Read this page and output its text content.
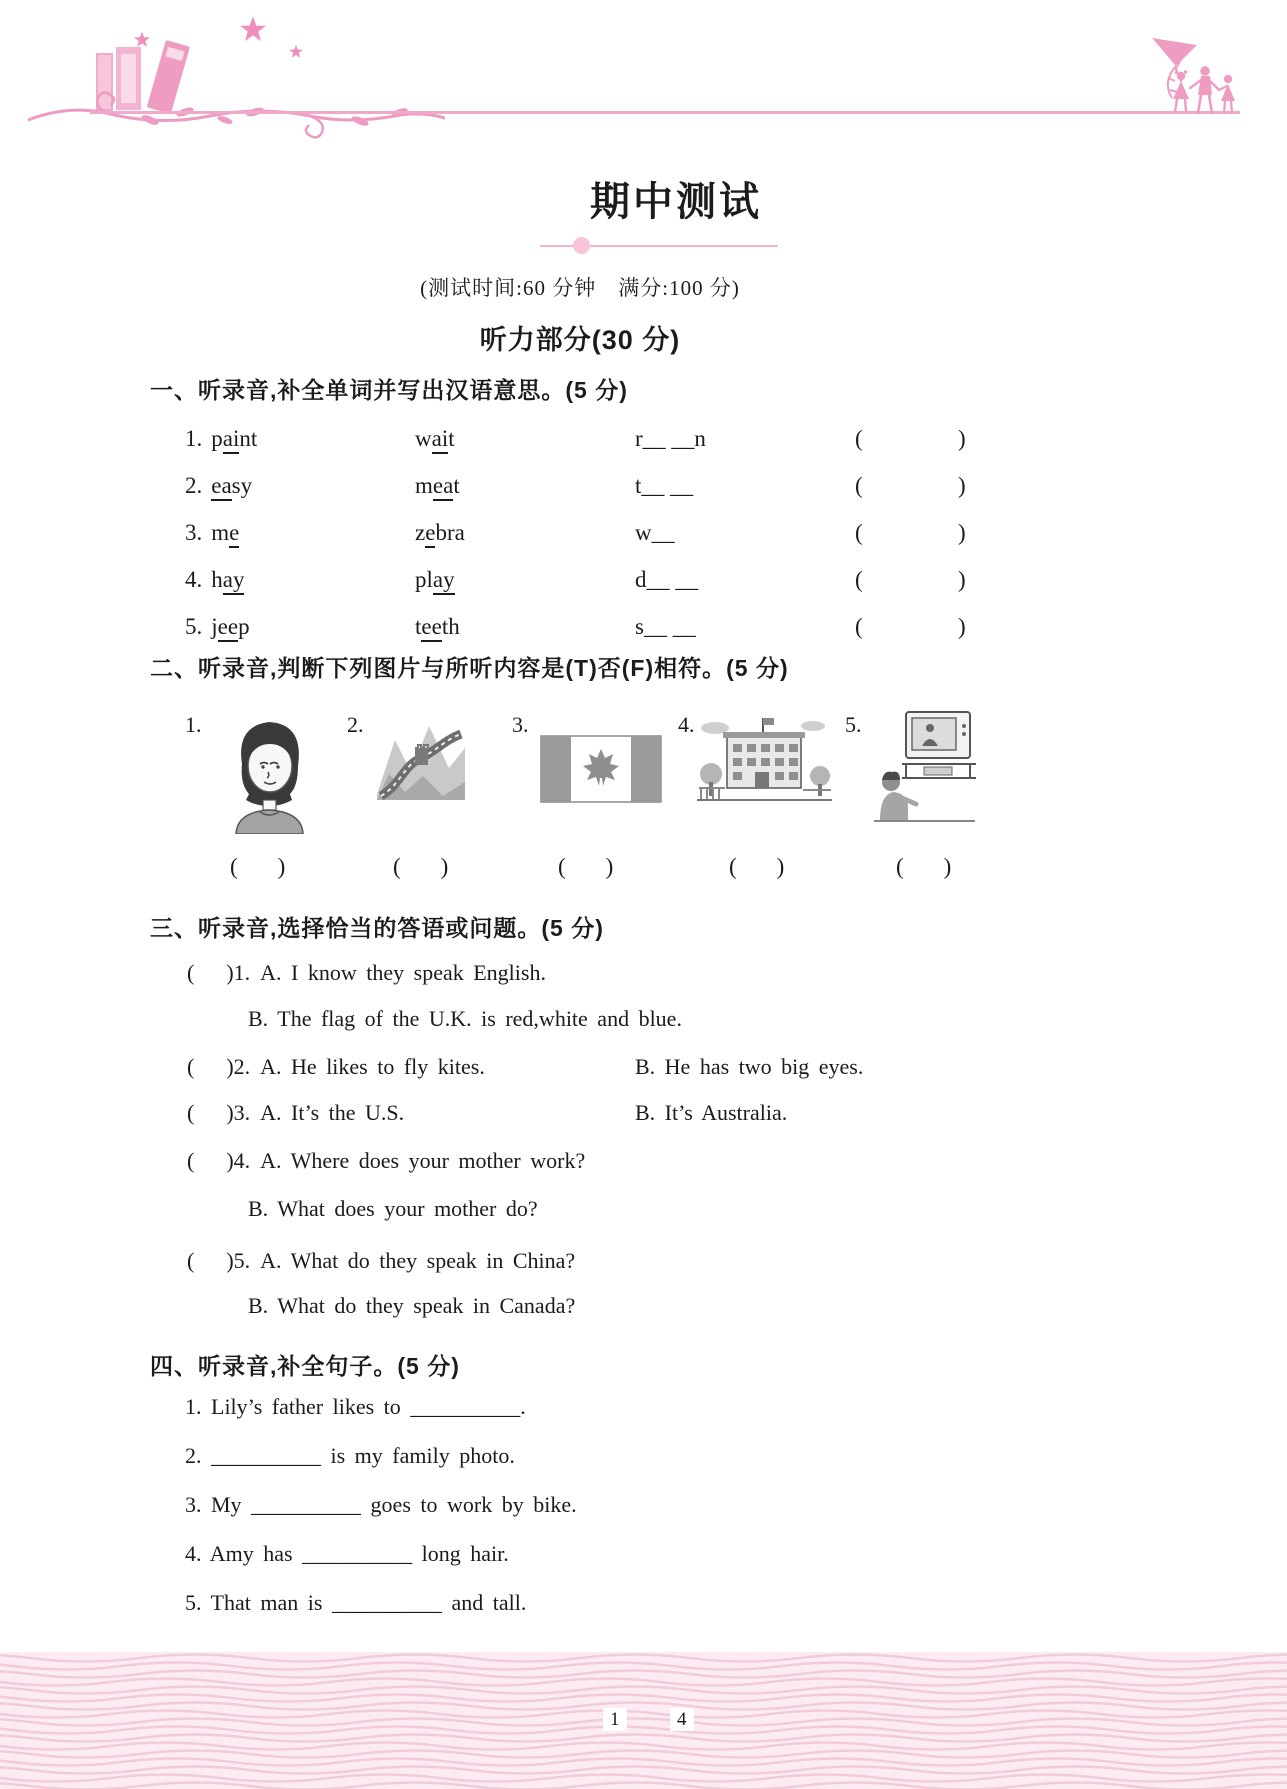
期中测试
(测试时间:60 分钟　满分:100 分)
听力部分(30 分)
一、听录音,补全单词并写出汉语意思。(5 分)
1. paint	wait	r__ __n	(	)
2. easy	meat	t__ __	(	)
3. me	zebra	w__	(	)
4. hay	play	d__ __	(	)
5. jeep	teeth	s__ __	(	)
二、听录音,判断下列图片与所听内容是(T)否(F)相符。(5 分)
1.	2.	3.	4.	5.
( )	( )	( )	( )	( )
三、听录音,选择恰当的答语或问题。(5 分)
( )1. A. I know they speak English.
B. The flag of the U.K. is red,white and blue.
( )2. A. He likes to fly kites.	B. He has two big eyes.
( )3. A. It’s the U.S.	B. It’s Australia.
( )4. A. Where does your mother work?
B. What does your mother do?
( )5. A. What do they speak in China?
B. What do they speak in Canada?
四、听录音,补全句子。(5 分)
1. Lily’s father likes to __________.
2. __________ is my family photo.
3. My __________ goes to work by bike.
4. Amy has __________ long hair.
5. That man is __________ and tall.
1	4
